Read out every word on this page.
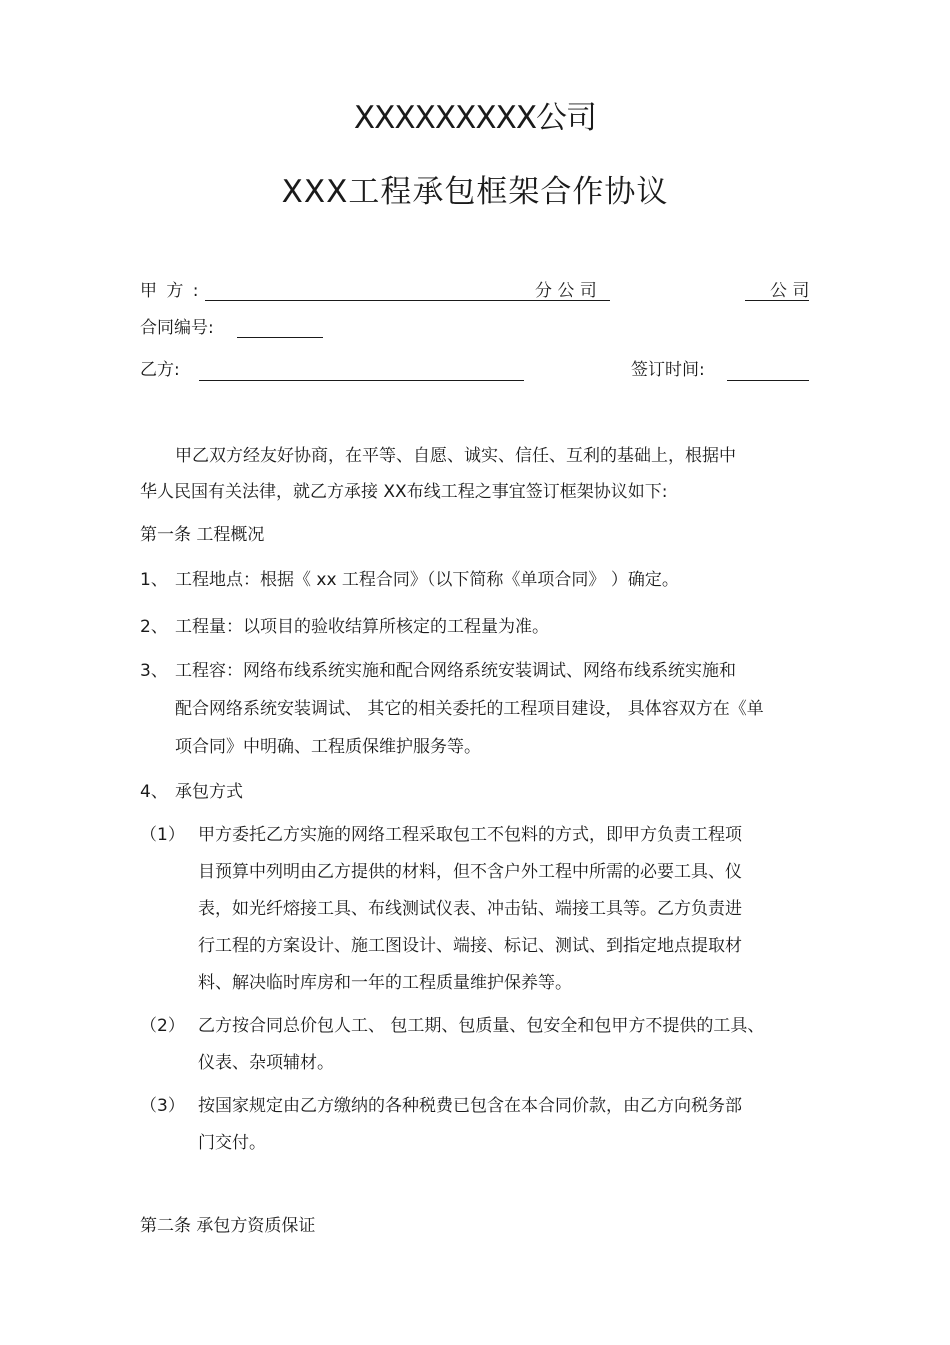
XXXXXXXXX公司
XXX工程承包框架合作协议
甲 方 :	分 公 司	公 司
合同编号:
乙方:	签订时间:
甲乙双方经友好协商，在平等、自愿、诚实、信任、互利的基础上，根据中
华人民国有关法律，就乙方承接 XX布线工程之事宜签订框架协议如下:
第一条 工程概况
1、 工程地点：根据《 xx 工程合同》（以下简称《单项合同》 ）确定。
2、 工程量：以项目的验收结算所核定的工程量为准。
3、 工程容：网络布线系统实施和配合网络系统安装调试、网络布线系统实施和
配合网络系统安装调试、 其它的相关委托的工程项目建设， 具体容双方在《单
项合同》中明确、工程质保维护服务等。
4、 承包方式
（1） 甲方委托乙方实施的网络工程采取包工不包料的方式，即甲方负责工程项
目预算中列明由乙方提供的材料，但不含户外工程中所需的必要工具、仪
表，如光纤熔接工具、布线测试仪表、冲击钻、端接工具等。乙方负责进
行工程的方案设计、施工图设计、端接、标记、测试、到指定地点提取材
料、解决临时库房和一年的工程质量维护保养等。
（2） 乙方按合同总价包人工、 包工期、包质量、包安全和包甲方不提供的工具、
仪表、杂项辅材。
（3） 按国家规定由乙方缴纳的各种税费已包含在本合同价款，由乙方向税务部
门交付。
第二条 承包方资质保证
